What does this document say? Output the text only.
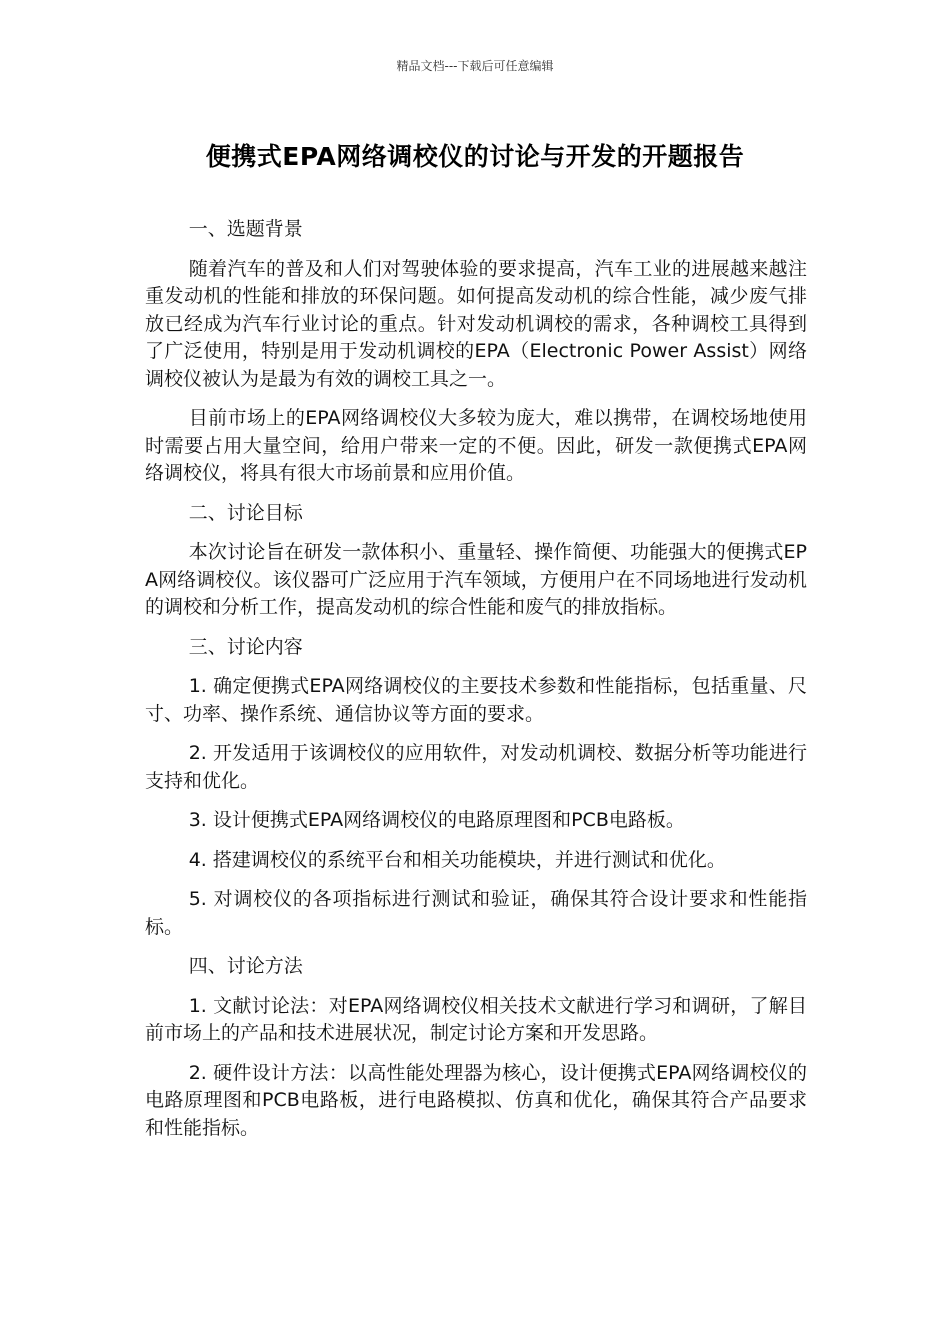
精品文档---下载后可任意编辑
便携式EPA网络调校仪的讨论与开发的开题报告
一、选题背景
随着汽车的普及和人们对驾驶体验的要求提高，汽车工业的进展越来越注重发动机的性能和排放的环保问题。如何提高发动机的综合性能，减少废气排放已经成为汽车行业讨论的重点。针对发动机调校的需求，各种调校工具得到了广泛使用，特别是用于发动机调校的EPA（Electronic Power Assist）网络调校仪被认为是最为有效的调校工具之一。
目前市场上的EPA网络调校仪大多较为庞大，难以携带，在调校场地使用时需要占用大量空间，给用户带来一定的不便。因此，研发一款便携式EPA网络调校仪，将具有很大市场前景和应用价值。
二、讨论目标
本次讨论旨在研发一款体积小、重量轻、操作简便、功能强大的便携式EPA网络调校仪。该仪器可广泛应用于汽车领域，方便用户在不同场地进行发动机的调校和分析工作，提高发动机的综合性能和废气的排放指标。
三、讨论内容
1. 确定便携式EPA网络调校仪的主要技术参数和性能指标，包括重量、尺寸、功率、操作系统、通信协议等方面的要求。
2. 开发适用于该调校仪的应用软件，对发动机调校、数据分析等功能进行支持和优化。
3. 设计便携式EPA网络调校仪的电路原理图和PCB电路板。
4. 搭建调校仪的系统平台和相关功能模块，并进行测试和优化。
5. 对调校仪的各项指标进行测试和验证，确保其符合设计要求和性能指标。
四、讨论方法
1. 文献讨论法：对EPA网络调校仪相关技术文献进行学习和调研，了解目前市场上的产品和技术进展状况，制定讨论方案和开发思路。
2. 硬件设计方法：以高性能处理器为核心，设计便携式EPA网络调校仪的电路原理图和PCB电路板，进行电路模拟、仿真和优化，确保其符合产品要求和性能指标。
